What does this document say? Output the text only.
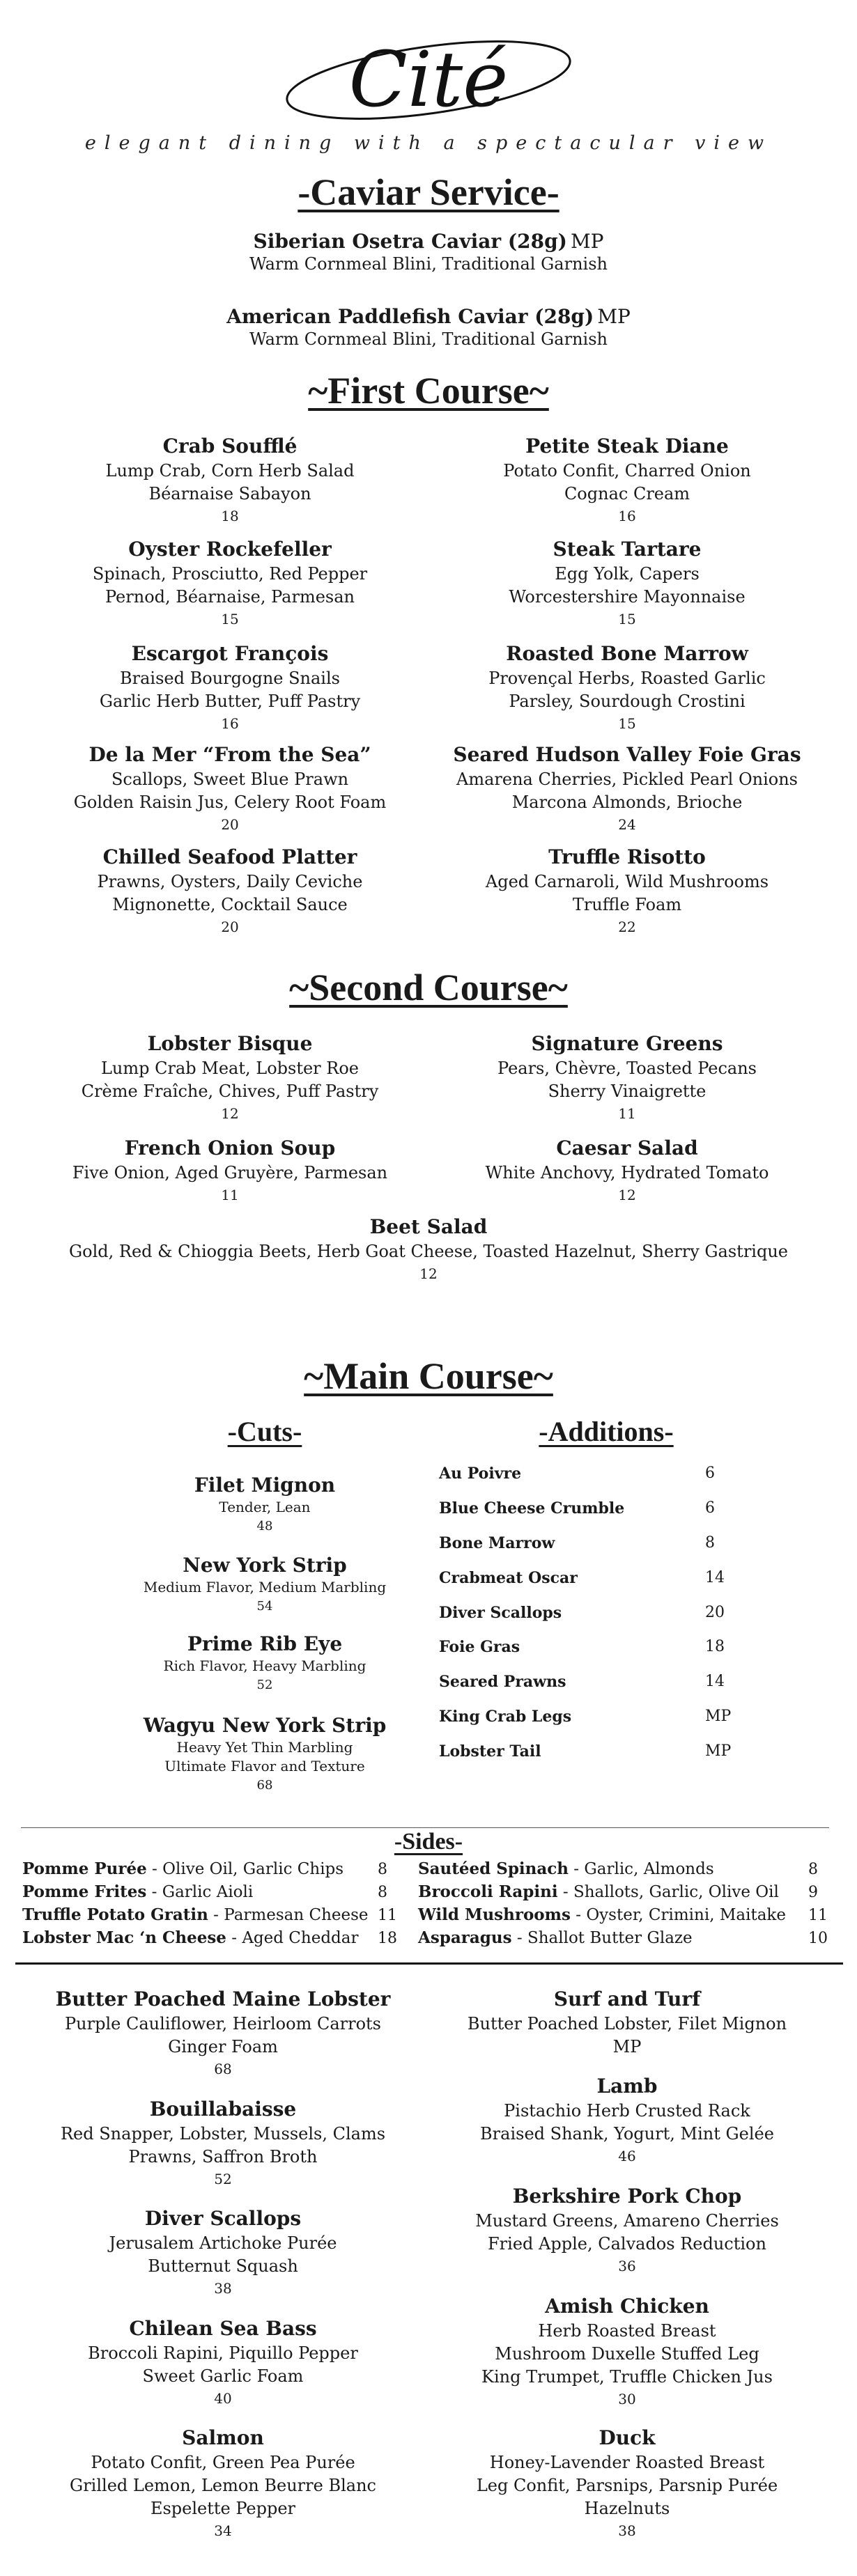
Cité
elegant dining with a spectacular view
-Caviar Service-
Siberian Osetra Caviar (28g) MP
Warm Cornmeal Blini, Traditional Garnish
American Paddlefish Caviar (28g) MP
Warm Cornmeal Blini, Traditional Garnish
~First Course~
Crab Soufflé
Lump Crab, Corn Herb Salad
Béarnaise Sabayon
18
Petite Steak Diane
Potato Confit, Charred Onion
Cognac Cream
16
Oyster Rockefeller
Spinach, Prosciutto, Red Pepper
Pernod, Béarnaise, Parmesan
15
Steak Tartare
Egg Yolk, Capers
Worcestershire Mayonnaise
15
Escargot François
Braised Bourgogne Snails
Garlic Herb Butter, Puff Pastry
16
Roasted Bone Marrow
Provençal Herbs, Roasted Garlic
Parsley, Sourdough Crostini
15
De la Mer “From the Sea”
Scallops, Sweet Blue Prawn
Golden Raisin Jus, Celery Root Foam
20
Seared Hudson Valley Foie Gras
Amarena Cherries, Pickled Pearl Onions
Marcona Almonds, Brioche
24
Chilled Seafood Platter
Prawns, Oysters, Daily Ceviche
Mignonette, Cocktail Sauce
20
Truffle Risotto
Aged Carnaroli, Wild Mushrooms
Truffle Foam
22
~Second Course~
Lobster Bisque
Lump Crab Meat, Lobster Roe
Crème Fraîche, Chives, Puff Pastry
12
Signature Greens
Pears, Chèvre, Toasted Pecans
Sherry Vinaigrette
11
French Onion Soup
Five Onion, Aged Gruyère, Parmesan
11
Caesar Salad
White Anchovy, Hydrated Tomato
12
Beet Salad
Gold, Red & Chioggia Beets, Herb Goat Cheese, Toasted Hazelnut, Sherry Gastrique
12
~Main Course~
-Cuts-	-Additions-
Filet Mignon
Tender, Lean
48
New York Strip
Medium Flavor, Medium Marbling
54
Prime Rib Eye
Rich Flavor, Heavy Marbling
52
Wagyu New York Strip
Heavy Yet Thin Marbling
Ultimate Flavor and Texture
68
Au Poivre	6
Blue Cheese Crumble	6
Bone Marrow	8
Crabmeat Oscar	14
Diver Scallops	20
Foie Gras	18
Seared Prawns	14
King Crab Legs	MP
Lobster Tail	MP
-Sides-
Pomme Purée - Olive Oil, Garlic Chips 8
Pomme Frites - Garlic Aioli	8
Truffle Potato Gratin - Parmesan Cheese 11
Lobster Mac ‘n Cheese - Aged Cheddar 18
Sautéed Spinach - Garlic, Almonds	8
Broccoli Rapini - Shallots, Garlic, Olive Oil 9
Wild Mushrooms - Oyster, Crimini, Maitake 11
Asparagus - Shallot Butter Glaze	10
Butter Poached Maine Lobster
Purple Cauliflower, Heirloom Carrots
Ginger Foam
68
Bouillabaisse
Red Snapper, Lobster, Mussels, Clams
Prawns, Saffron Broth
52
Diver Scallops
Jerusalem Artichoke Purée
Butternut Squash
38
Chilean Sea Bass
Broccoli Rapini, Piquillo Pepper
Sweet Garlic Foam
40
Salmon
Potato Confit, Green Pea Purée
Grilled Lemon, Lemon Beurre Blanc
Espelette Pepper
34
Surf and Turf
Butter Poached Lobster, Filet Mignon
MP
Lamb
Pistachio Herb Crusted Rack
Braised Shank, Yogurt, Mint Gelée
46
Berkshire Pork Chop
Mustard Greens, Amareno Cherries
Fried Apple, Calvados Reduction
36
Amish Chicken
Herb Roasted Breast
Mushroom Duxelle Stuffed Leg
King Trumpet, Truffle Chicken Jus
30
Duck
Honey-Lavender Roasted Breast
Leg Confit, Parsnips, Parsnip Purée
Hazelnuts
38
